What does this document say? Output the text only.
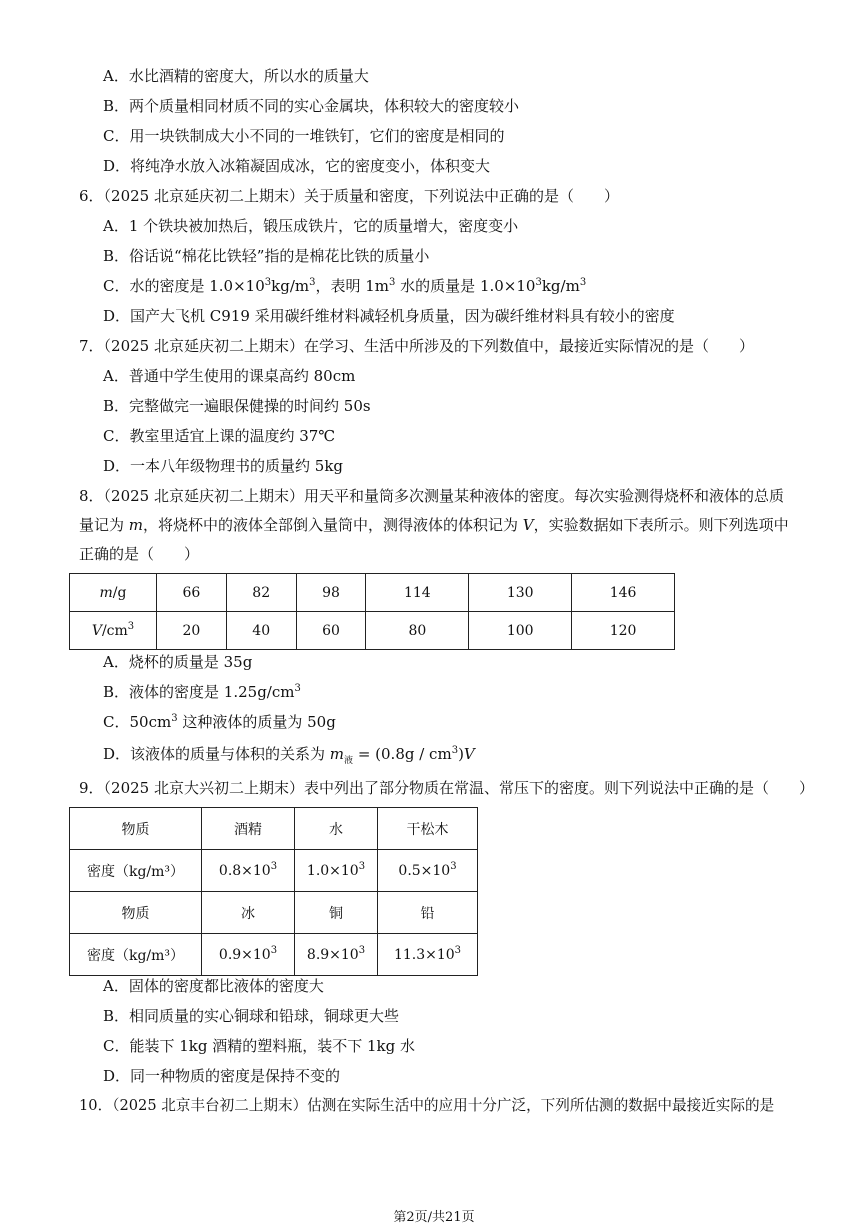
A．水比酒精的密度大，所以水的质量大
B．两个质量相同材质不同的实心金属块，体积较大的密度较小
C．用一块铁制成大小不同的一堆铁钉，它们的密度是相同的
D．将纯净水放入冰箱凝固成冰，它的密度变小，体积变大
6．（2025 北京延庆初二上期末）关于质量和密度，下列说法中正确的是（　　）
A．1 个铁块被加热后，锻压成铁片，它的质量增大，密度变小
B．俗话说“棉花比铁轻”指的是棉花比铁的质量小
C．水的密度是 $1.0\times 10^3kg/m^3$，表明 $1m^3$ 水的质量是 $1.0\times 10^3kg/m^3$
D．国产大飞机 C919 采用碳纤维材料减轻机身质量，因为碳纤维材料具有较小的密度
7．（2025 北京延庆初二上期末）在学习、生活中所涉及的下列数值中，最接近实际情况的是（　　）
A．普通中学生使用的课桌高约 80cm
B．完整做完一遍眼保健操的时间约 50s
C．教室里适宜上课的温度约 37℃
D．一本八年级物理书的质量约 5kg
8．（2025 北京延庆初二上期末）用天平和量筒多次测量某种液体的密度。每次实验测得烧杯和液体的总质
量记为 m，将烧杯中的液体全部倒入量筒中，测得液体的体积记为 V，实验数据如下表所示。则下列选项中
正确的是（　　）
m/g	66	82	98	114	130	146
$V/cm^3$	20	40	60	80	100	120
A．烧杯的质量是 35g
B．液体的密度是 $1.25g/cm^3$
C．$50cm^3$ 这种液体的质量为 50g
D．该液体的质量与体积的关系为 $m_液 = (0.8g / cm^3)V$
9．（2025 北京大兴初二上期末）表中列出了部分物质在常温、常压下的密度。则下列说法中正确的是（　　）
物质	酒精	水	干松木
密度（kg/m³）	$0.8\times 10^3$	$1.0\times 10^3$	$0.5\times 10^3$
物质	冰	铜	铅
密度（kg/m³）	$0.9\times 10^3$	$8.9\times 10^3$	$11.3\times 10^3$
A．固体的密度都比液体的密度大
B．相同质量的实心铜球和铅球，铜球更大些
C．能装下 1kg 酒精的塑料瓶，装不下 1kg 水
D．同一种物质的密度是保持不变的
10．（2025 北京丰台初二上期末）估测在实际生活中的应用十分广泛，下列所估测的数据中最接近实际的是
第2页/共21页
